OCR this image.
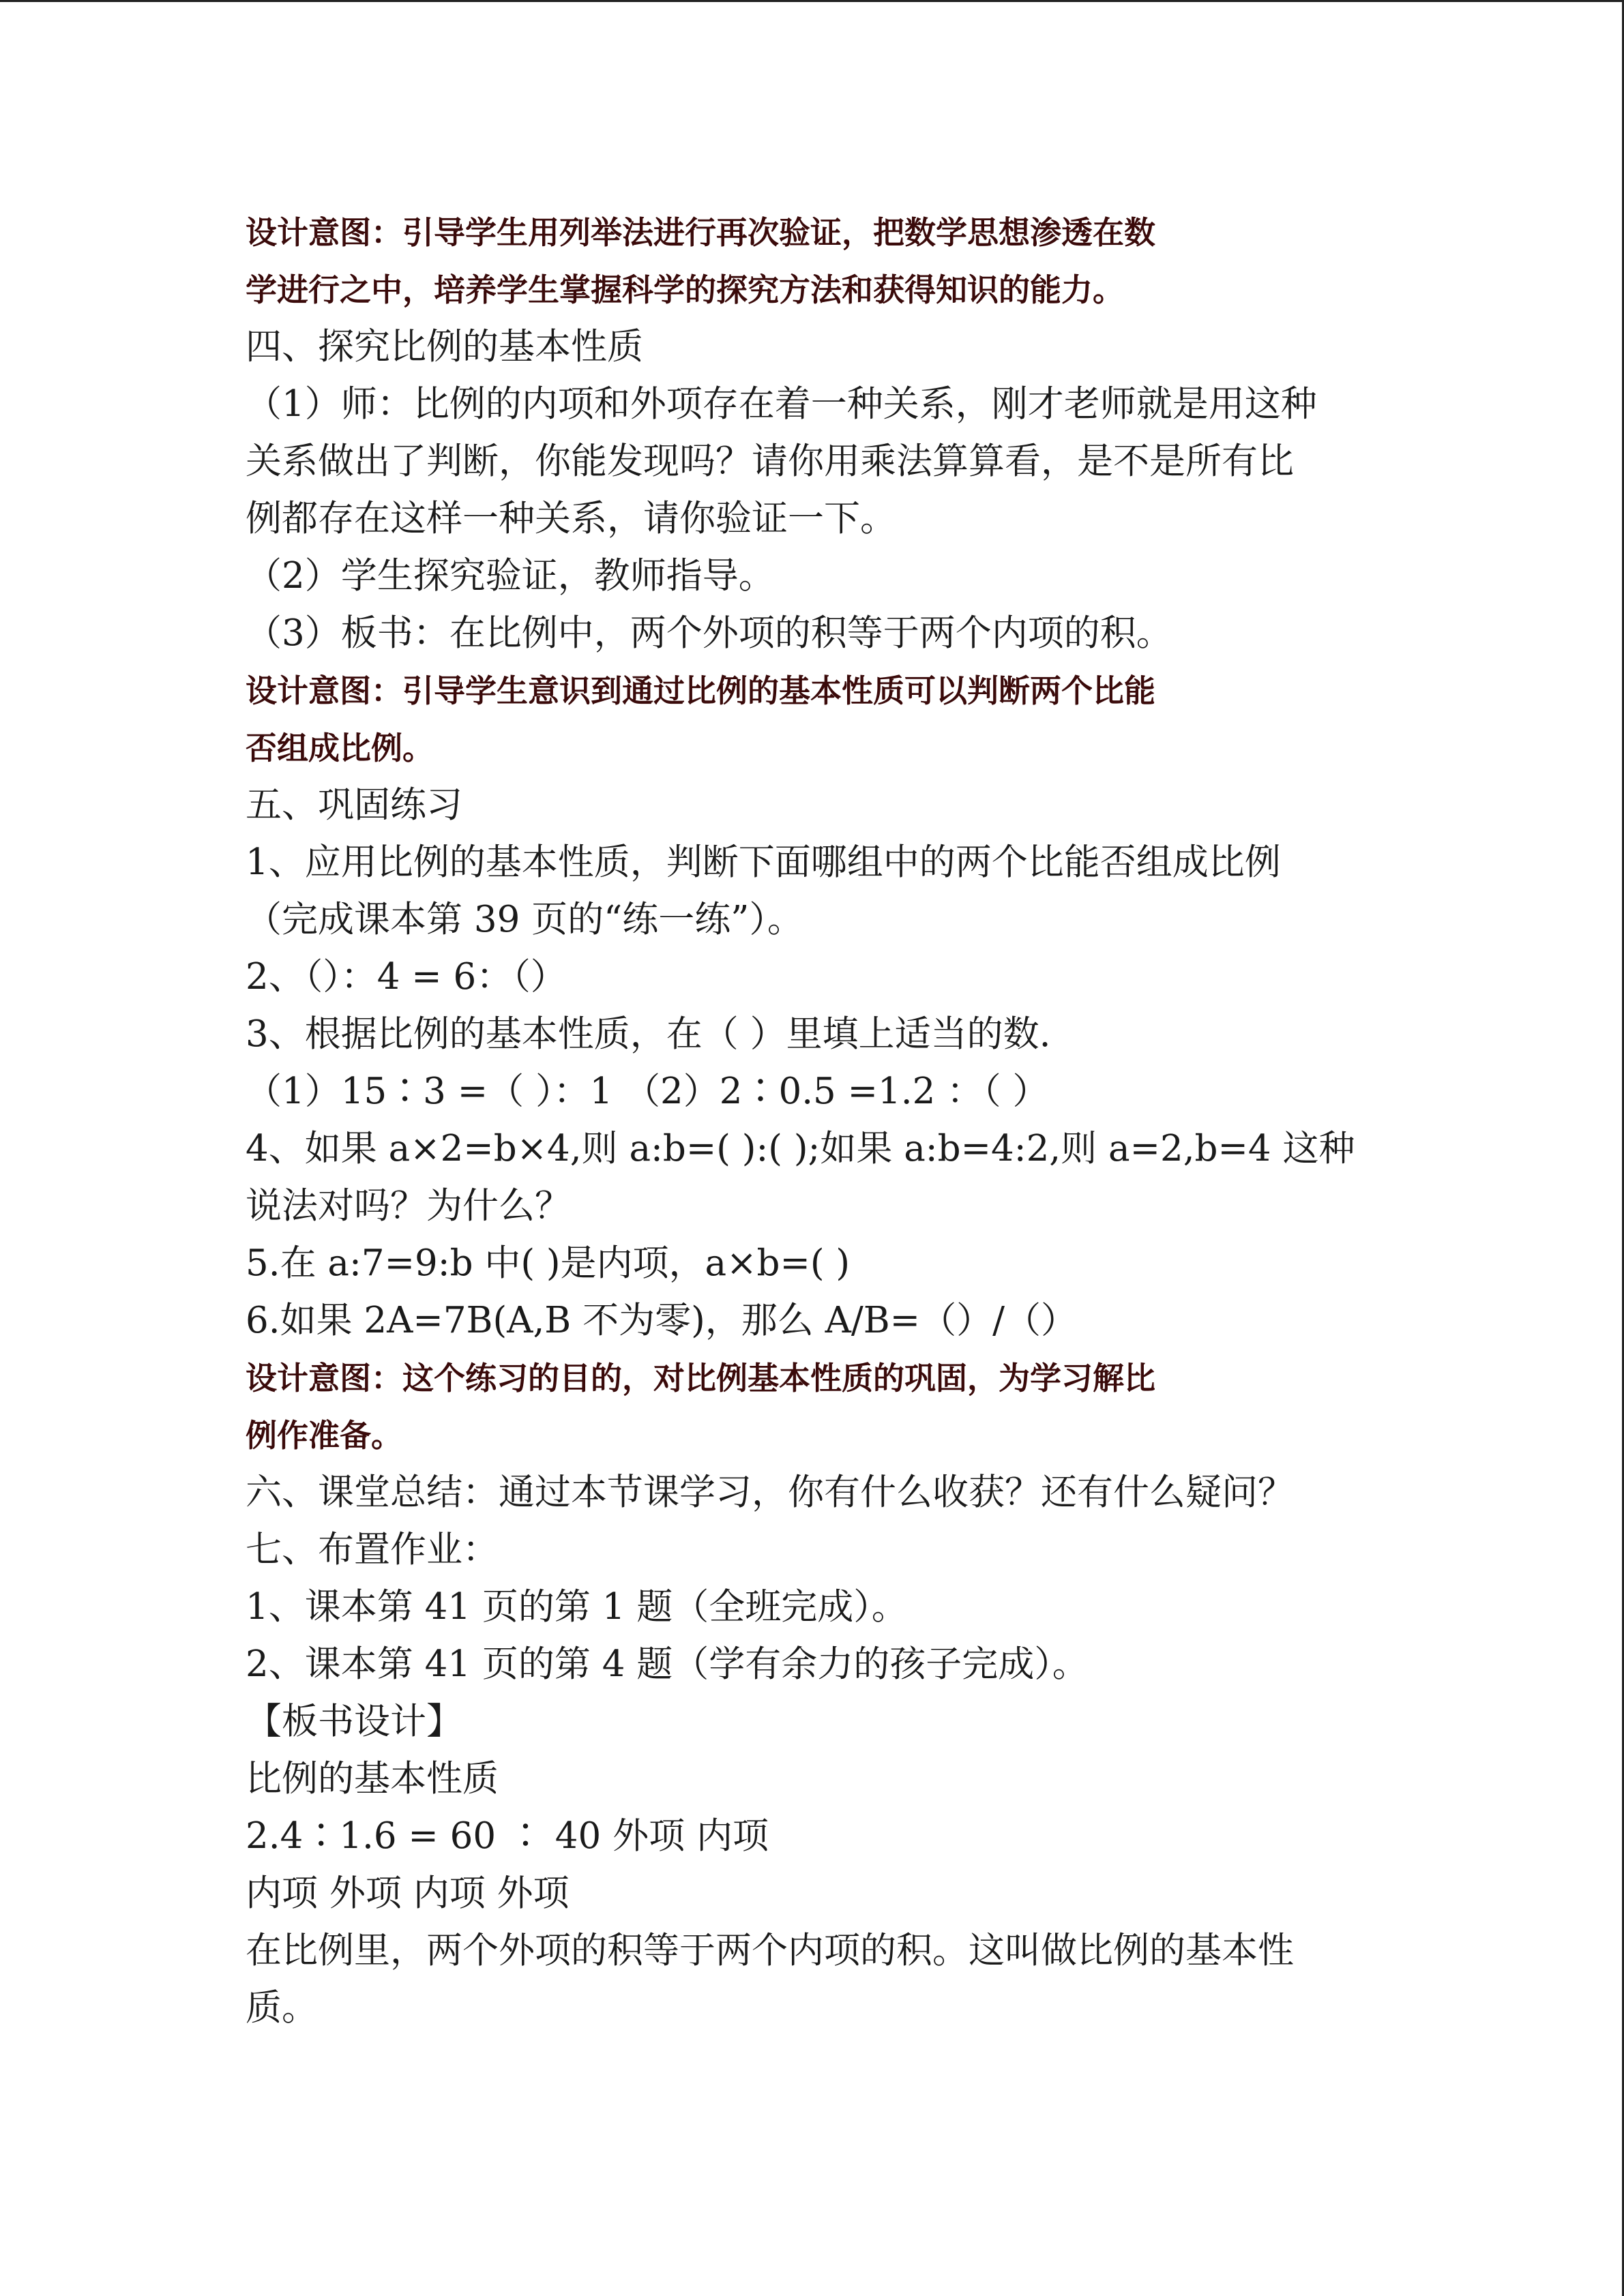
设计意图：引导学生用列举法进行再次验证，把数学思想渗透在数
学进行之中，培养学生掌握科学的探究方法和获得知识的能力。
四、探究比例的基本性质
（1）师：比例的内项和外项存在着一种关系，刚才老师就是用这种
关系做出了判断，你能发现吗？请你用乘法算算看，是不是所有比
例都存在这样一种关系，请你验证一下。
（2）学生探究验证，教师指导。
（3）板书：在比例中，两个外项的积等于两个内项的积。
设计意图：引导学生意识到通过比例的基本性质可以判断两个比能
否组成比例。
五、巩固练习
1、应用比例的基本性质，判断下面哪组中的两个比能否组成比例
（完成课本第 39 页的“练一练”）。
2、（）：4 = 6：（）
3、根据比例的基本性质，在（ ）里填上适当的数.
（1）15∶3 =（ ）：1 （2）2∶0.5 =1.2 ：（ ）
4、如果 a×2=b×4,则 a:b=( ):( );如果 a:b=4:2,则 a=2,b=4 这种
说法对吗？为什么？
5.在 a:7=9:b 中( )是内项，a×b=( )
6.如果 2A=7B(A,B 不为零)，那么 A/B=（）/（）
设计意图：这个练习的目的，对比例基本性质的巩固，为学习解比
例作准备。
六、课堂总结：通过本节课学习，你有什么收获？还有什么疑问？
七、布置作业：
1、课本第 41 页的第 1 题（全班完成）。
2、课本第 41 页的第 4 题（学有余力的孩子完成）。
【板书设计】
比例的基本性质
2.4∶1.6 = 60 ∶ 40 外项 内项
内项 外项 内项 外项
在比例里，两个外项的积等于两个内项的积。这叫做比例的基本性
质。
